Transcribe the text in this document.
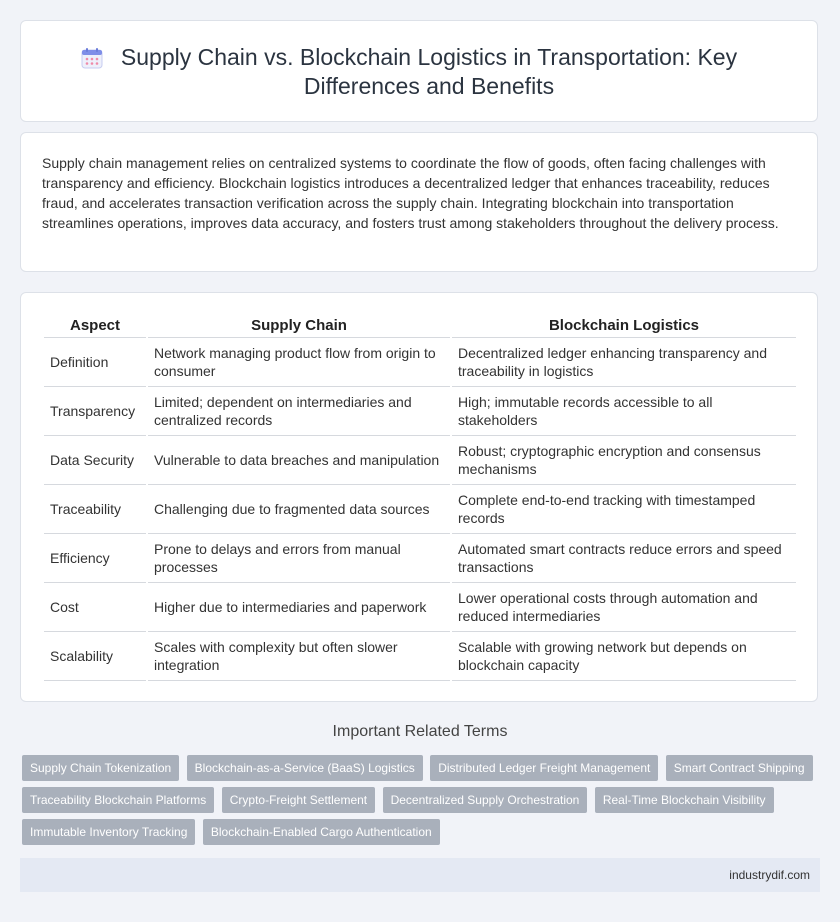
Supply Chain vs. Blockchain Logistics in Transportation: Key Differences and Benefits
Supply chain management relies on centralized systems to coordinate the flow of goods, often facing challenges with transparency and efficiency. Blockchain logistics introduces a decentralized ledger that enhances traceability, reduces fraud, and accelerates transaction verification across the supply chain. Integrating blockchain into transportation streamlines operations, improves data accuracy, and fosters trust among stakeholders throughout the delivery process.
Aspect	Supply Chain	Blockchain Logistics
Definition	Network managing product flow from origin to consumer	Decentralized ledger enhancing transparency and traceability in logistics
Transparency	Limited; dependent on intermediaries and centralized records	High; immutable records accessible to all stakeholders
Data Security	Vulnerable to data breaches and manipulation	Robust; cryptographic encryption and consensus mechanisms
Traceability	Challenging due to fragmented data sources	Complete end-to-end tracking with timestamped records
Efficiency	Prone to delays and errors from manual processes	Automated smart contracts reduce errors and speed transactions
Cost	Higher due to intermediaries and paperwork	Lower operational costs through automation and reduced intermediaries
Scalability	Scales with complexity but often slower integration	Scalable with growing network but depends on blockchain capacity
Important Related Terms
Supply Chain Tokenization Blockchain-as-a-Service (BaaS) Logistics Distributed Ledger Freight Management Smart Contract Shipping Traceability Blockchain Platforms Crypto-Freight Settlement Decentralized Supply Orchestration Real-Time Blockchain Visibility Immutable Inventory Tracking Blockchain-Enabled Cargo Authentication
industrydif.com
